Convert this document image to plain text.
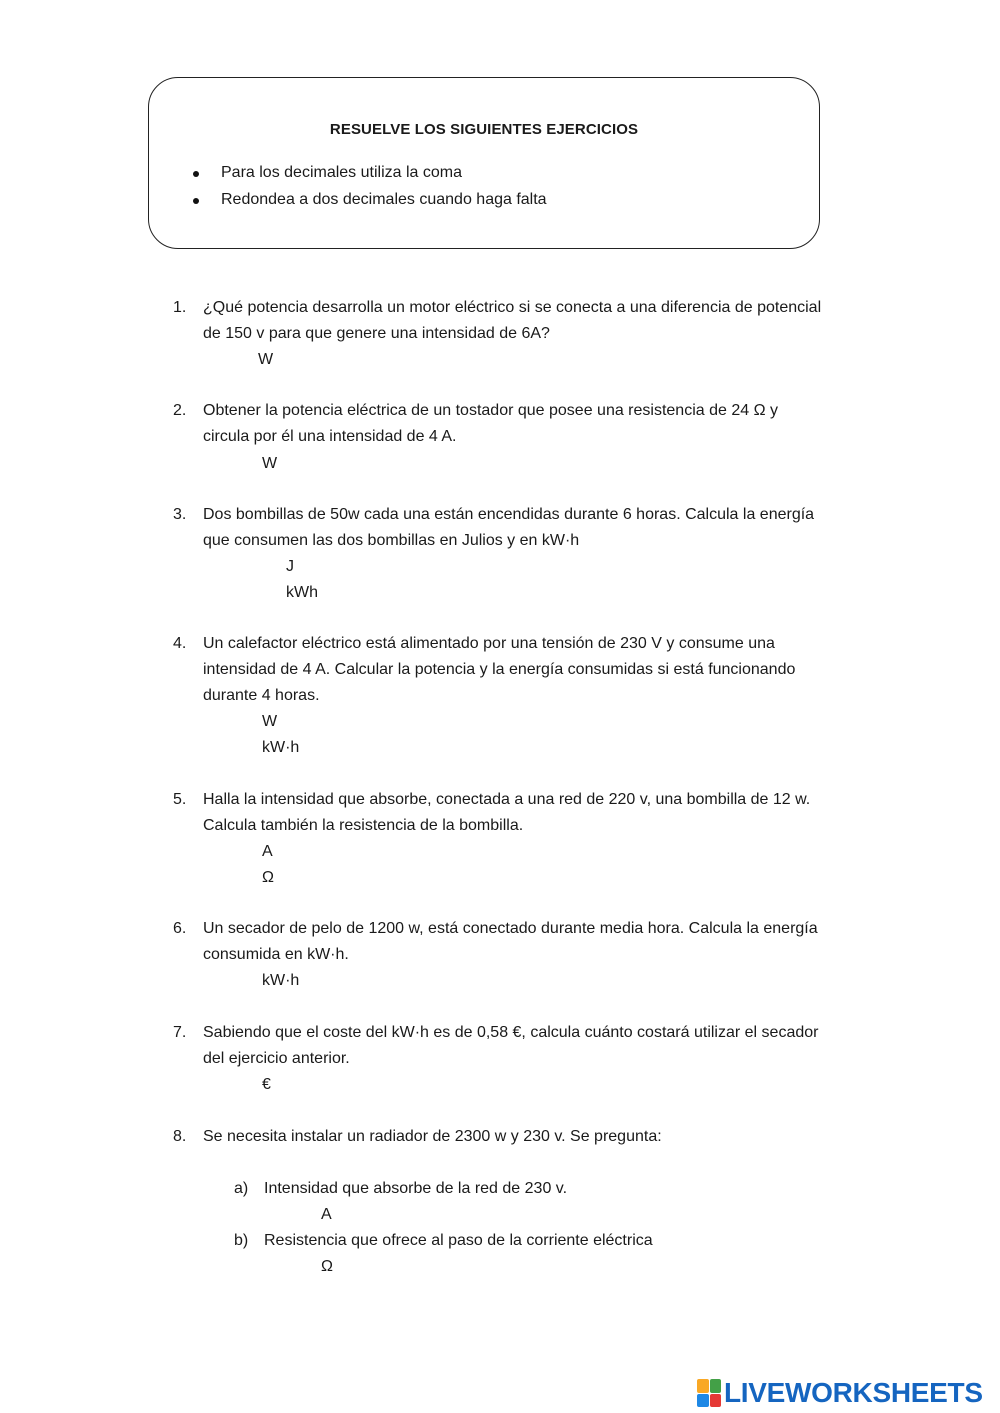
RESUELVE LOS SIGUIENTES EJERCICIOS
Para los decimales utiliza la coma
Redondea a dos decimales cuando haga falta
1. ¿Qué potencia desarrolla un motor eléctrico si se conecta a una diferencia de potencial
de 150 v para que genere una intensidad de 6A?
W
2. Obtener la potencia eléctrica de un tostador que posee una resistencia de 24 Ω y
circula por él una intensidad de 4 A.
W
3. Dos bombillas de 50w cada una están encendidas durante 6 horas. Calcula la energía
que consumen las dos bombillas en Julios y en kW·h
J
kWh
4. Un calefactor eléctrico está alimentado por una tensión de 230 V y consume una
intensidad de 4 A. Calcular la potencia y la energía consumidas si está funcionando
durante 4 horas.
W
kW·h
5. Halla la intensidad que absorbe, conectada a una red de 220 v, una bombilla de 12 w.
Calcula también la resistencia de la bombilla.
A
Ω
6. Un secador de pelo de 1200 w, está conectado durante media hora. Calcula la energía
consumida en kW·h.
kW·h
7. Sabiendo que el coste del kW·h es de 0,58 €, calcula cuánto costará utilizar el secador
del ejercicio anterior.
€
8. Se necesita instalar un radiador de 2300 w y 230 v. Se pregunta:
a) Intensidad que absorbe de la red de 230 v.
A
b) Resistencia que ofrece al paso de la corriente eléctrica
Ω
LIVEWORKSHEETS
